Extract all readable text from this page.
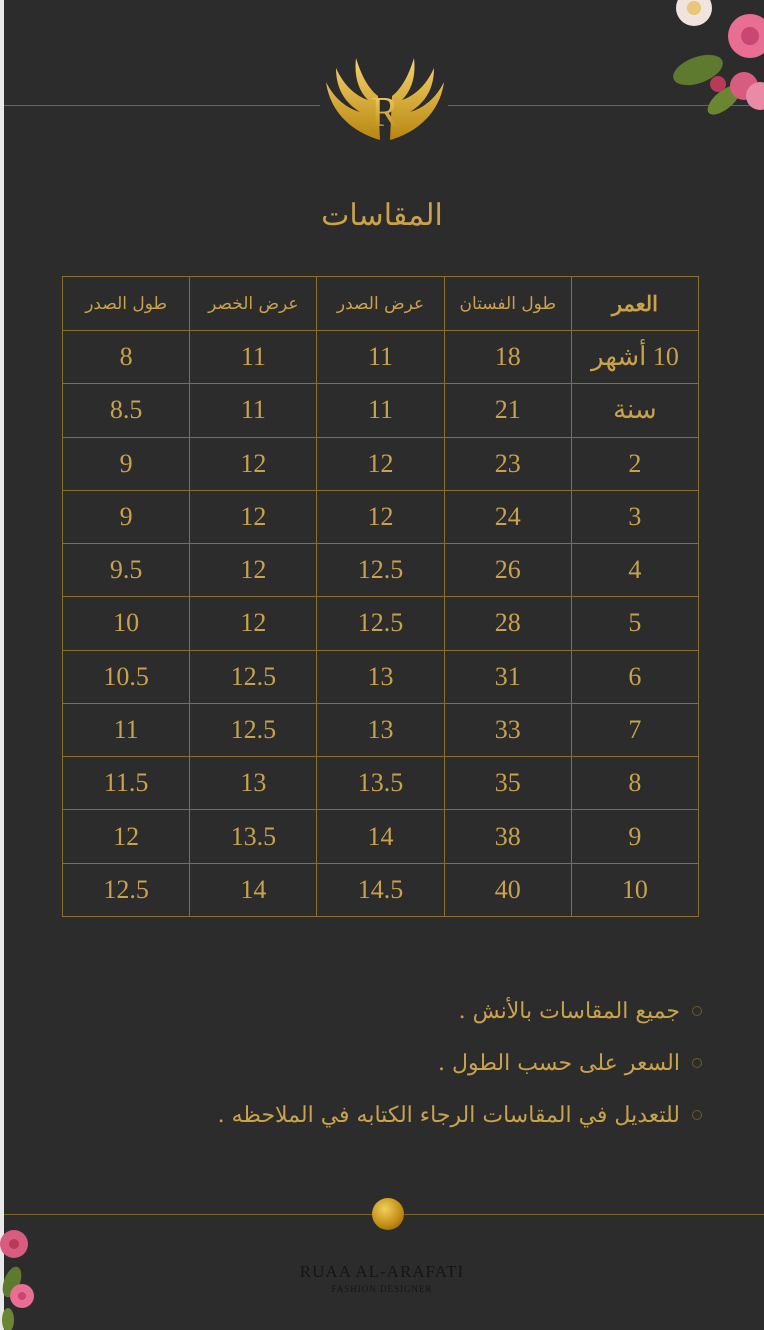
R
المقاسات
العمر	طول الفستان	عرض الصدر	عرض الخصر	طول الصدر
10 أشهر	18	11	11	8
سنة	21	11	11	8.5
2	23	12	12	9
3	24	12	12	9
4	26	12.5	12	9.5
5	28	12.5	12	10
6	31	13	12.5	10.5
7	33	13	12.5	11
8	35	13.5	13	11.5
9	38	14	13.5	12
10	40	14.5	14	12.5
جميع المقاسات بالأنش .
السعر على حسب الطول .
للتعديل في المقاسات الرجاء الكتابه في الملاحظه .
RUAA AL-ARAFATI
FASHION DESIGNER
